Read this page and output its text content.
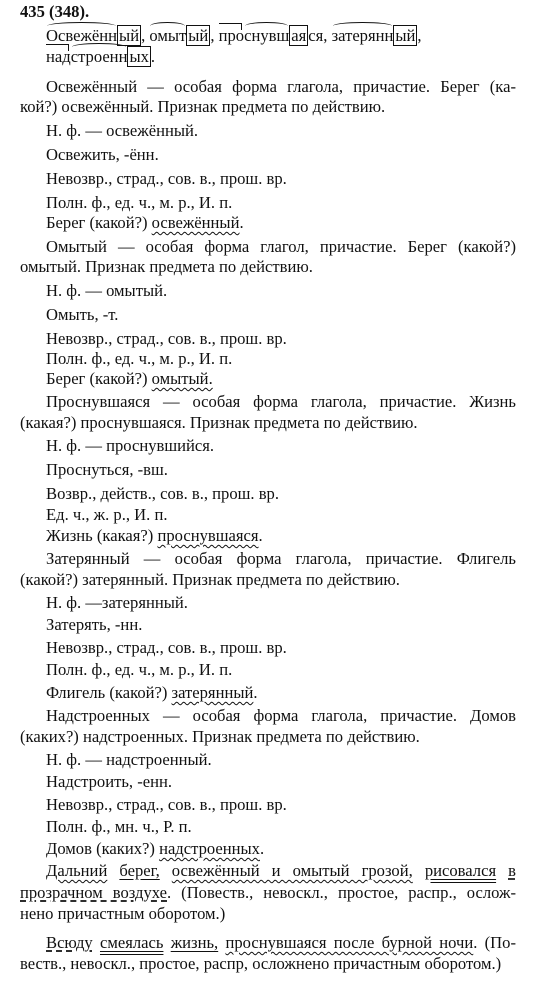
435 (348).
Освежённ ый , омыт ый , проснувш ая ся, затерянн ый ,
надстроенн ых .
Освежённый — особая форма глагола, причастие. Берег (ка-
кой?) освежённый. Признак предмета по действию.
Н. ф. — освежённый.
Освежить, -ённ.
Невозвр., страд., сов. в., прош. вр.
Полн. ф., ед. ч., м. р., И. п.
Берег (какой?) освежённый.
Омытый — особая форма глагол, причастие. Берег (какой?)
омытый. Признак предмета по действию.
Н. ф. — омытый.
Омыть, -т.
Невозвр., страд., сов. в., прош. вр.
Полн. ф., ед. ч., м. р., И. п.
Берег (какой?) омытый.
Проснувшаяся — особая форма глагола, причастие. Жизнь
(какая?) проснувшаяся. Признак предмета по действию.
Н. ф. — проснувшийся.
Проснуться, -вш.
Возвр., действ., сов. в., прош. вр.
Ед. ч., ж. р., И. п.
Жизнь (какая?) проснувшаяся.
Затерянный — особая форма глагола, причастие. Флигель
(какой?) затерянный. Признак предмета по действию.
Н. ф. —затерянный.
Затерять, -нн.
Невозвр., страд., сов. в., прош. вр.
Полн. ф., ед. ч., м. р., И. п.
Флигель (какой?) затерянный.
Надстроенных — особая форма глагола, причастие. Домов
(каких?) надстроенных. Признак предмета по действию.
Н. ф. — надстроенный.
Надстроить, -енн.
Невозвр., страд., сов. в., прош. вр.
Полн. ф., мн. ч., Р. п.
Домов (каких?) надстроенных.
Дальний берег, освежённый и омытый грозой, рисовался в
прозрачном воздухе. (Повеств., невоскл., простое, распр., ослож-
нено причастным оборотом.)
Всюду смеялась жизнь, проснувшаяся после бурной ночи. (По-
веств., невоскл., простое, распр, осложнено причастным оборотом.)
